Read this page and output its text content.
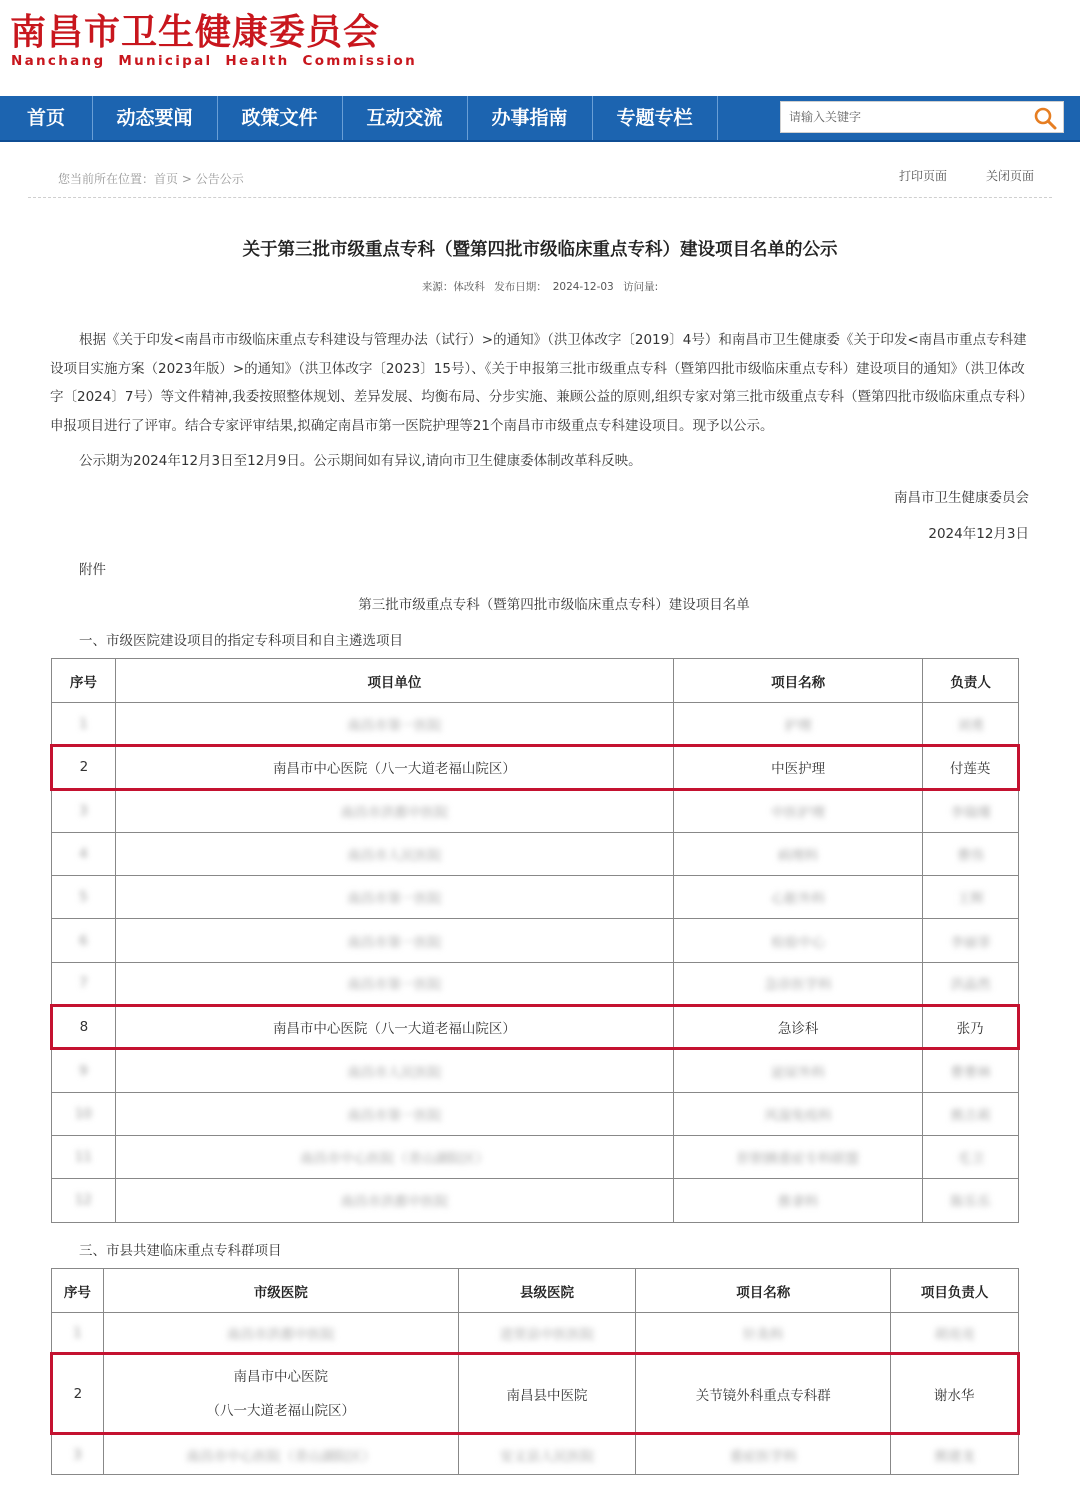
南昌市卫生健康委员会
Nanchang Municipal Health Commission
首页	动态要闻	政策文件	互动交流	办事指南	专题专栏
请输入关键字
您当前所在位置：首页 > 公告公示	打印页面	关闭页面
关于第三批市级重点专科（暨第四批市级临床重点专科）建设项目名单的公示
来源：体改科 发布日期： 2024-12-03 访问量:
根据《关于印发<南昌市市级临床重点专科建设与管理办法（试行）>的通知》（洪卫体改字〔2019〕4号）和南昌市卫生健康委《关于印发<南昌市重点专科建设项目实施方案（2023年版）>的通知》（洪卫体改字〔2023〕15号）、《关于申报第三批市级重点专科（暨第四批市级临床重点专科）建设项目的通知》（洪卫体改字〔2024〕7号）等文件精神,我委按照整体规划、差异发展、均衡布局、分步实施、兼顾公益的原则,组织专家对第三批市级重点专科（暨第四批市级临床重点专科）申报项目进行了评审。结合专家评审结果,拟确定南昌市第一医院护理等21个南昌市市级重点专科建设项目。现予以公示。
公示期为2024年12月3日至12月9日。公示期间如有异议,请向市卫生健康委体制改革科反映。
南昌市卫生健康委员会
2024年12月3日
附件
第三批市级重点专科（暨第四批市级临床重点专科）建设项目名单
一、市级医院建设项目的指定专科项目和自主遴选项目
序号	项目单位	项目名称	负责人
1	南昌市第一医院	护理	刘勇
2	南昌市中心医院（八一大道老福山院区）	中医护理	付莲英
3	南昌市洪都中医院	中医护理	李瑞瑾
4	南昌市人民医院	病理科	曹伟
5	南昌市第一医院	心脏外科	王辉
6	南昌市第一医院	检验中心	李丽菲
7	南昌市第一医院	急诊医学科	洪晶然
8	南昌市中心医院（八一大道老福山院区）	急诊科	张乃
9	南昌市人民医院	泌尿外科	曹曹林
10	南昌市第一医院	风湿免疫科	熊吉莉
11	南昌市中心医院（青山湖院区）	肝胆胰重症专科联盟	毛卫
12	南昌市洪都中医院	推拿科	陈乐乐
三、市县共建临床重点专科群项目
序号	市级医院	县级医院	项目名称	项目负责人
1	南昌市洪都中医院	进贤县中医医院	针灸科	胡亮亮
2	南昌市中心医院
（八一大道老福山院区）	南昌县中医院	关节镜外科重点专科群	谢水华
3	南昌市中心医院（青山湖院区）	安义县人民医院	重症医学科	熊建龙
